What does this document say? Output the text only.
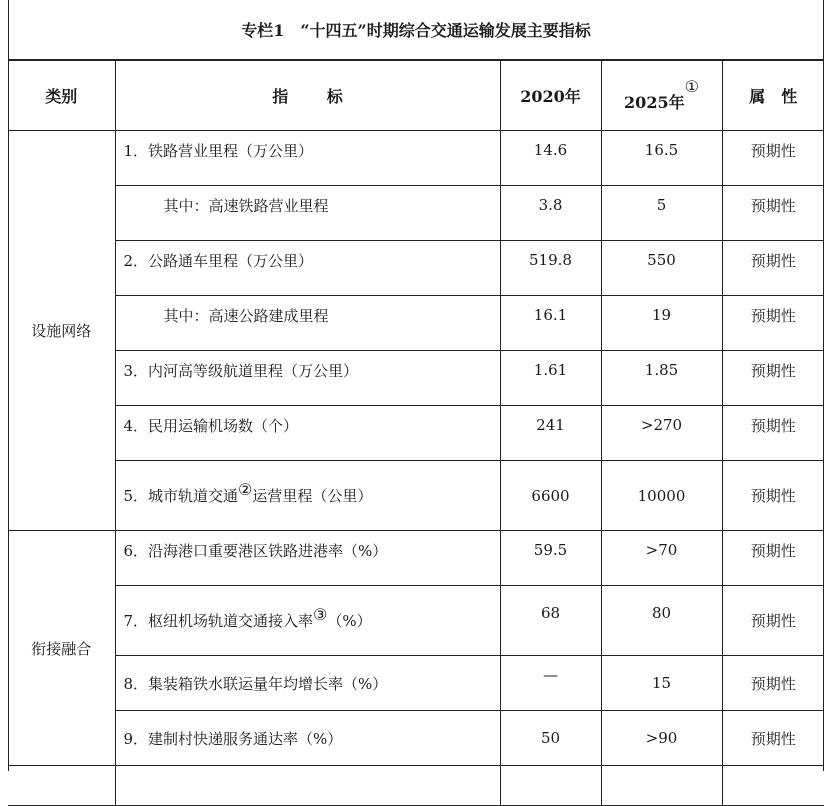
专栏1　“十四五”时期综合交通运输发展主要指标
类别	指 标	2020年	2025年①	属 性
设施网络	1．铁路营业里程（万公里）	14.6	16.5	预期性
	其中：高速铁路营业里程	3.8	5	预期性
	2．公路通车里程（万公里）	519.8	550	预期性
	其中：高速公路建成里程	16.1	19	预期性
	3．内河高等级航道里程（万公里）	1.61	1.85	预期性
	4．民用运输机场数（个）	241	>270	预期性
	5．城市轨道交通②运营里程（公里）	6600	10000	预期性
衔接融合	6．沿海港口重要港区铁路进港率（%）	59.5	>70	预期性
	7．枢纽机场轨道交通接入率③（%）	68	80	预期性
	8．集装箱铁水联运量年均增长率（%）	—	15	预期性
	9．建制村快递服务通达率（%）	50	>90	预期性
